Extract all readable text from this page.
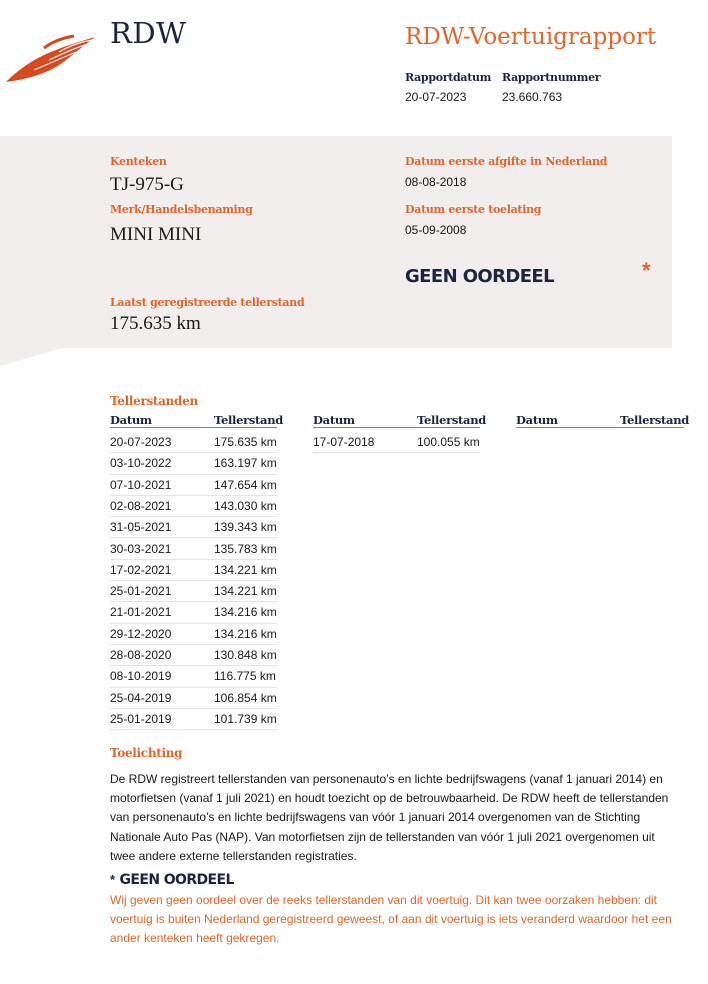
RDW	RDW-Voertuigrapport
Rapportdatum
20-07-2023
Rapportnummer
23.660.763
Kenteken
TJ-975-G
Merk/Handelsbenaming
MINI MINI
Datum eerste afgifte in Nederland
08-08-2018
Datum eerste toelating
05-09-2008
GEEN OORDEEL	*
Laatst geregistreerde tellerstand
175.635 km
Tellerstanden
Datum	Tellerstand	Datum	Tellerstand	Datum	Tellerstand
20-07-2023	175.635 km
03-10-2022	163.197 km
07-10-2021	147.654 km
02-08-2021	143.030 km
31-05-2021	139.343 km
30-03-2021	135.783 km
17-02-2021	134.221 km
25-01-2021	134.221 km
21-01-2021	134.216 km
29-12-2020	134.216 km
28-08-2020	130.848 km
08-10-2019	116.775 km
25-04-2019	106.854 km
25-01-2019	101.739 km
17-07-2018	100.055 km
Toelichting
De RDW registreert tellerstanden van personenauto’s en lichte bedrijfswagens (vanaf 1 januari 2014) en motorfietsen (vanaf 1 juli 2021) en houdt toezicht op de betrouwbaarheid. De RDW heeft de tellerstanden van personenauto’s en lichte bedrijfswagens van vóór 1 januari 2014 overgenomen van de Stichting Nationale Auto Pas (NAP). Van motorfietsen zijn de tellerstanden van vóór 1 juli 2021 overgenomen uit twee andere externe tellerstanden registraties.
* GEEN OORDEEL
Wij geven geen oordeel over de reeks tellerstanden van dit voertuig. Dit kan twee oorzaken hebben: dit voertuig is buiten Nederland geregistreerd geweest, of aan dit voertuig is iets veranderd waardoor het een ander kenteken heeft gekregen.
